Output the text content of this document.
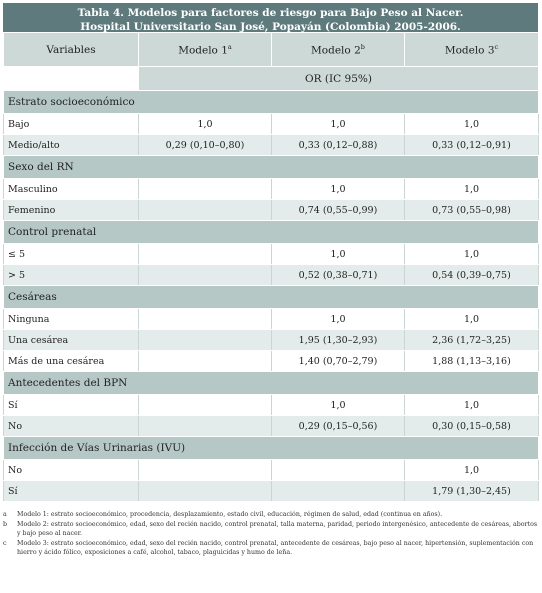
Tabla 4. Modelos para factores de riesgo para Bajo Peso al Nacer.
Hospital Universitario San José, Popayán (Colombia) 2005-2006.
Variables	Modelo 1$^a$	Modelo 2$^b$	Modelo 3$^c$
	OR (IC 95%)		
Estrato socioeconómico			
Bajo	1,0	1,0	1,0
Medio/alto	0,29 (0,10–0,80)	0,33 (0,12–0,88)	0,33 (0,12–0,91)
Sexo del RN			
Masculino		1,0	1,0
Femenino		0,74 (0,55–0,99)	0,73 (0,55–0,98)
Control prenatal			
≤ 5		1,0	1,0
> 5		0,52 (0,38–0,71)	0,54 (0,39–0,75)
Cesáreas			
Ninguna		1,0	1,0
Una cesárea		1,95 (1,30–2,93)	2,36 (1,72–3,25)
Más de una cesárea		1,40 (0,70–2,79)	1,88 (1,13–3,16)
Antecedentes del BPN			
Sí		1,0	1,0
No		0,29 (0,15–0,56)	0,30 (0,15–0,58)
Infección de Vías Urinarias (IVU)			
No			1,0
Sí			1,79 (1,30–2,45)
a	Modelo 1: estrato socioeconómico, procedencia, desplazamiento, estado civil, educación, régimen de salud, edad (continua en años).
b	Modelo 2: estrato socioeconómico, edad, sexo del recién nacido, control prenatal, talla materna, paridad, periodo intergenésico, antecedente de cesáreas, abortos y bajo peso al nacer.
c	Modelo 3: estrato socioeconómico, edad, sexo del recién nacido, control prenatal, antecedente de cesáreas, bajo peso al nacer, hipertensión, suplementación con hierro y ácido fólico, exposiciones a café, alcohol, tabaco, plaguicidas y humo de leña.
